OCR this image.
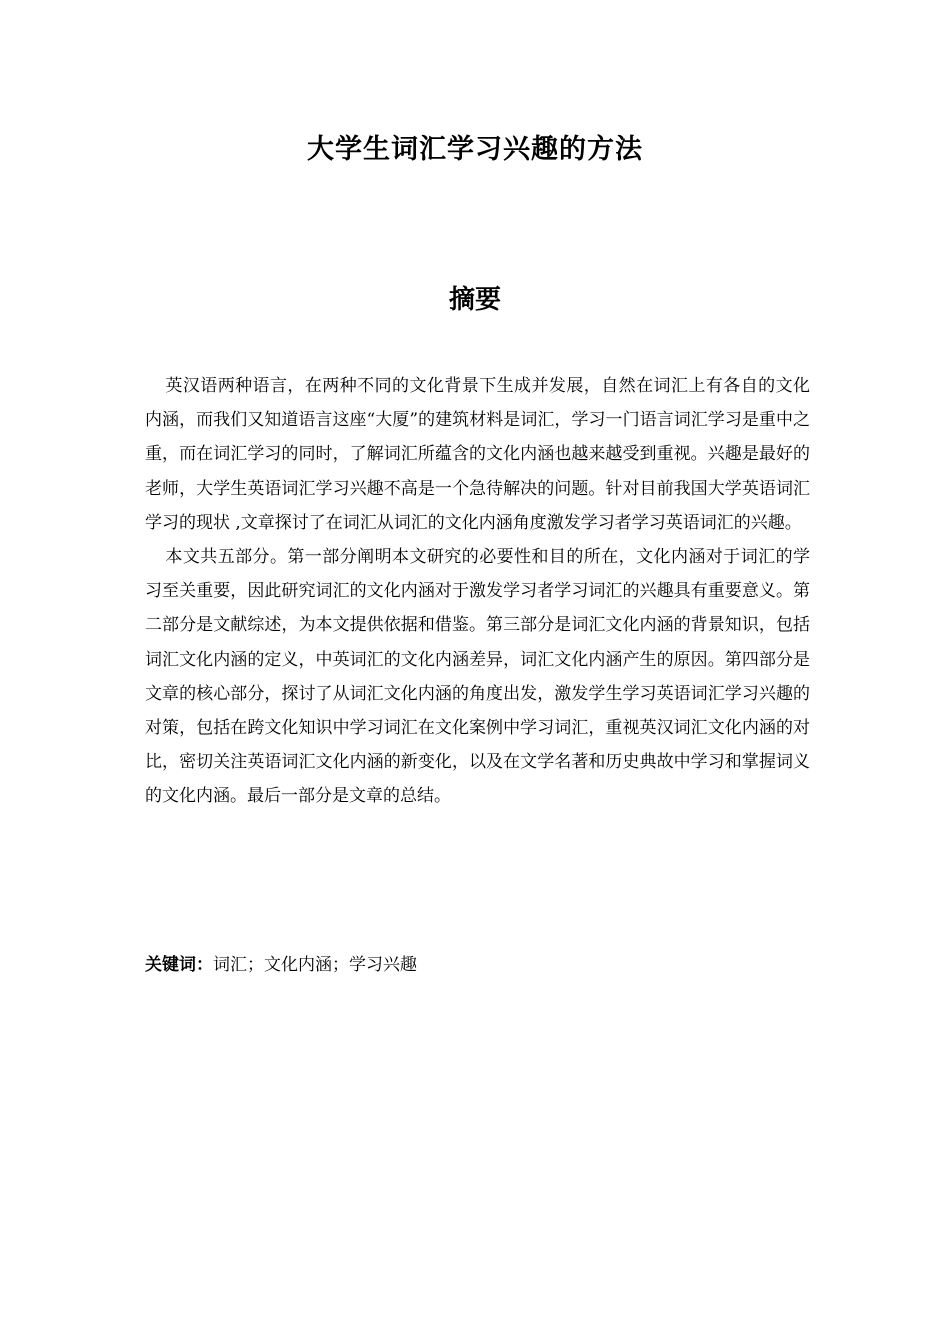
大学生词汇学习兴趣的方法
摘要

英汉语两种语言，在两种不同的文化背景下生成并发展，自然在词汇上有各自的文化内涵，而我们又知道语言这座“大厦”的建筑材料是词汇，学习一门语言词汇学习是重中之重，而在词汇学习的同时，了解词汇所蕴含的文化内涵也越来越受到重视。兴趣是最好的老师，大学生英语词汇学习兴趣不高是一个急待解决的问题。针对目前我国大学英语词汇学习的现状 ,文章探讨了在词汇从词汇的文化内涵角度激发学习者学习英语词汇的兴趣。

本文共五部分。第一部分阐明本文研究的必要性和目的所在，文化内涵对于词汇的学习至关重要，因此研究词汇的文化内涵对于激发学习者学习词汇的兴趣具有重要意义。第二部分是文献综述，为本文提供依据和借鉴。第三部分是词汇文化内涵的背景知识，包括词汇文化内涵的定义，中英词汇的文化内涵差异，词汇文化内涵产生的原因。第四部分是文章的核心部分，探讨了从词汇文化内涵的角度出发，激发学生学习英语词汇学习兴趣的对策，包括在跨文化知识中学习词汇在文化案例中学习词汇，重视英汉词汇文化内涵的对比，密切关注英语词汇文化内涵的新变化，以及在文学名著和历史典故中学习和掌握词义的文化内涵。最后一部分是文章的总结。

关键词：词汇；文化内涵；学习兴趣
